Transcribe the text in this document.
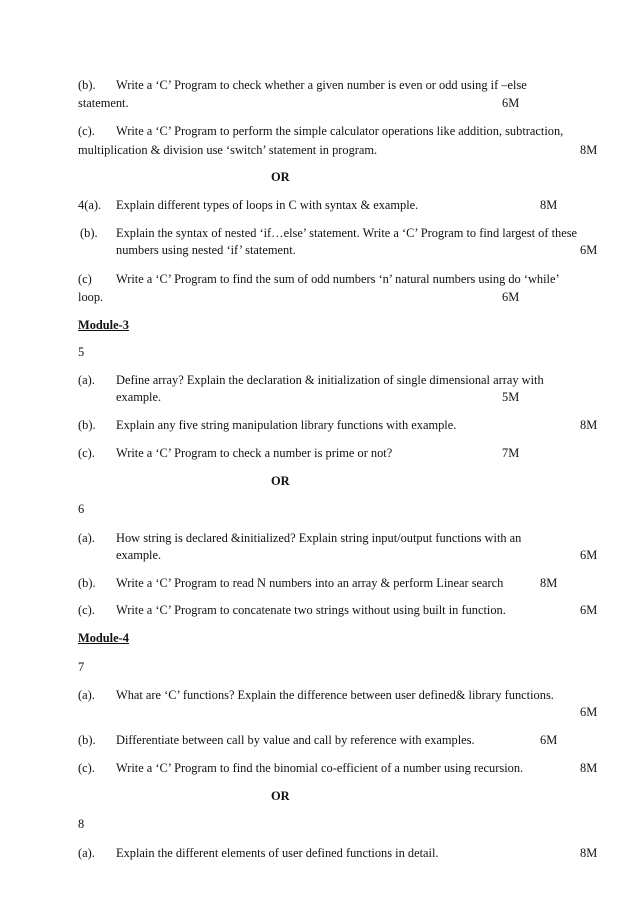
(b). Write a ‘C’ Program to check whether a given number is even or odd using if –else
statement.	6M
(c). Write a ‘C’ Program to perform the simple calculator operations like addition, subtraction,
multiplication & division use ‘switch’ statement in program.	8M
OR
4(a). Explain different types of loops in C with syntax & example.	8M
(b). Explain the syntax of nested ‘if…else’ statement. Write a ‘C’ Program to find largest of these
numbers using nested ‘if’ statement.	6M
(c) Write a ‘C’ Program to find the sum of odd numbers ‘n’ natural numbers using do ‘while’
loop.	6M
Module-3
5
(a). Define array? Explain the declaration & initialization of single dimensional array with
example.	5M
(b). Explain any five string manipulation library functions with example.	8M
(c). Write a ‘C’ Program to check a number is prime or not?	7M
OR
6
(a). How string is declared &initialized? Explain string input/output functions with an
example.	6M
(b). Write a ‘C’ Program to read N numbers into an array & perform Linear search	8M
(c). Write a ‘C’ Program to concatenate two strings without using built in function.	6M
Module-4
7
(a). What are ‘C’ functions? Explain the difference between user defined& library functions.
6M
(b). Differentiate between call by value and call by reference with examples.	6M
(c). Write a ‘C’ Program to find the binomial co-efficient of a number using recursion.	8M
OR
8
(a). Explain the different elements of user defined functions in detail.	8M
